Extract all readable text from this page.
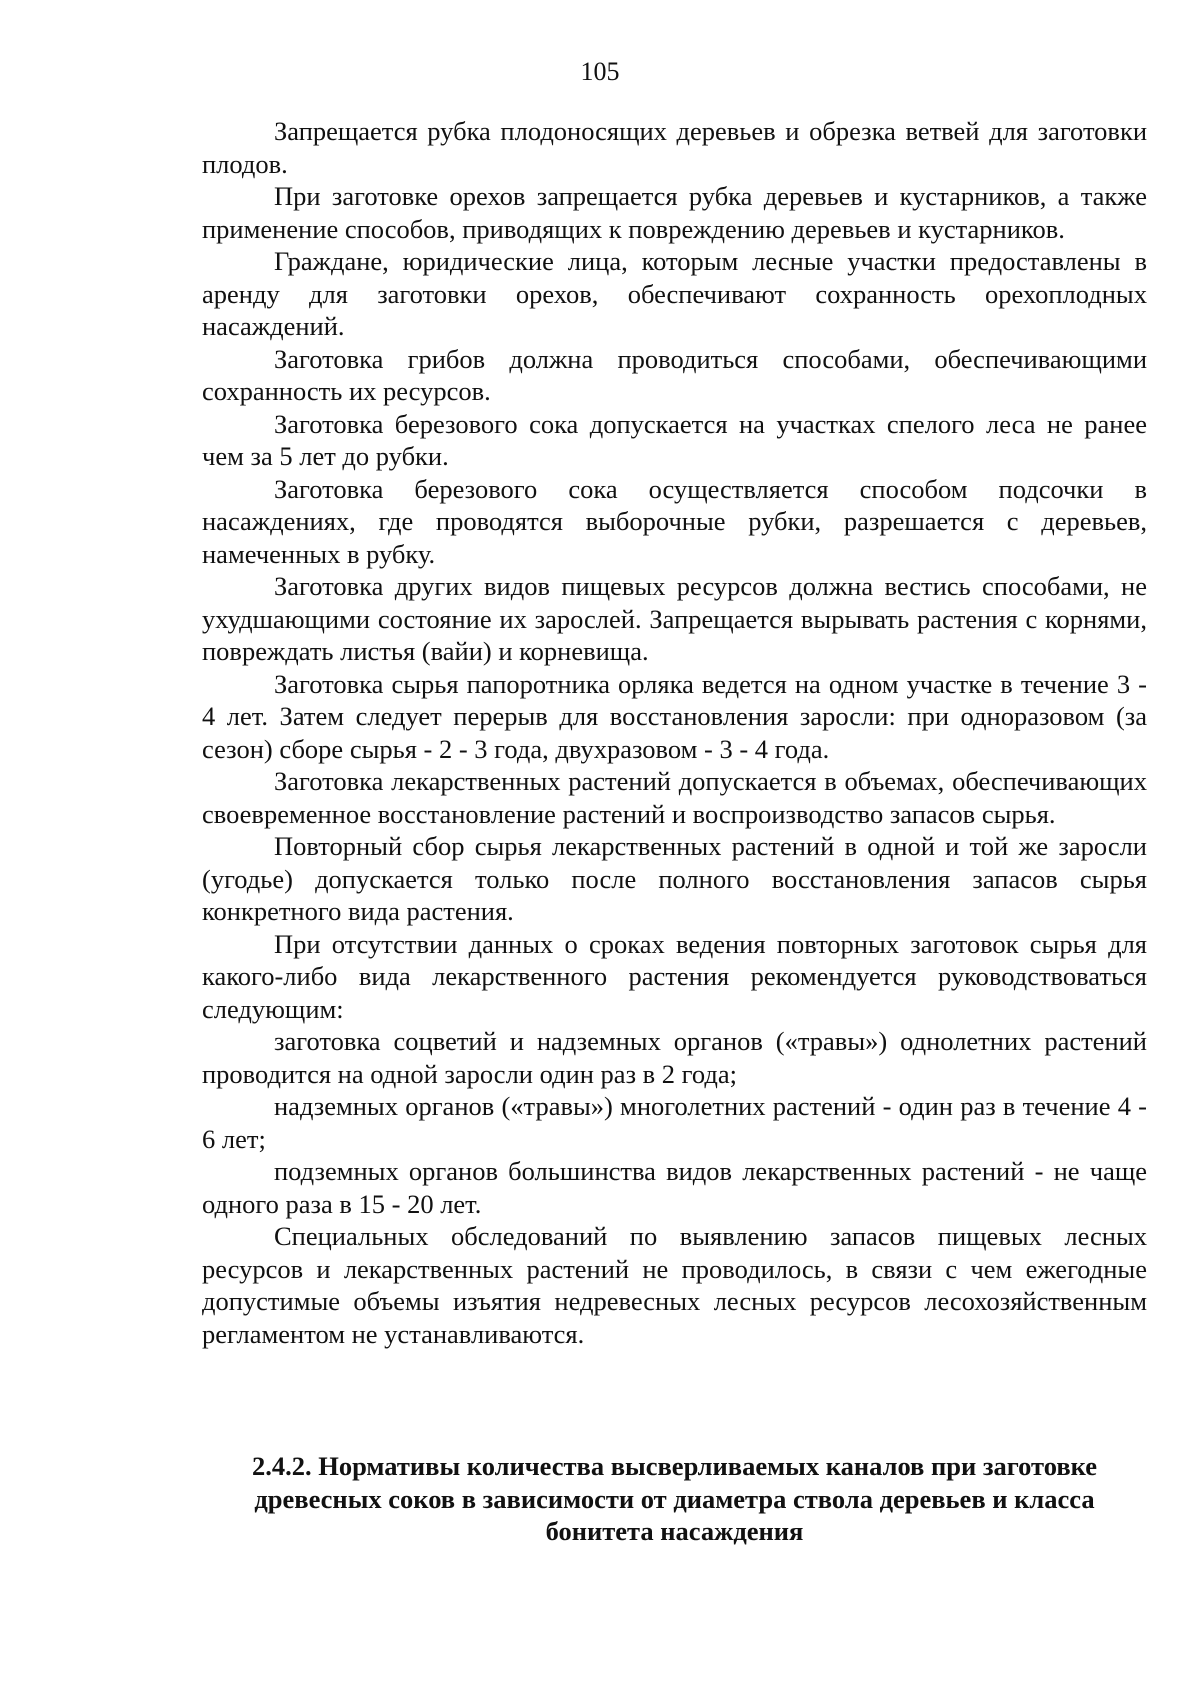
105

Запрещается рубка плодоносящих деревьев и обрезка ветвей для заготовки плодов.

При заготовке орехов запрещается рубка деревьев и кустарников, а также применение способов, приводящих к повреждению деревьев и кустарников.

Граждане, юридические лица, которым лесные участки предоставлены в аренду для заготовки орехов, обеспечивают сохранность орехоплодных насаждений.

Заготовка грибов должна проводиться способами, обеспечивающими сохранность их ресурсов.

Заготовка березового сока допускается на участках спелого леса не ранее чем за 5 лет до рубки.

Заготовка березового сока осуществляется способом подсочки в насаждениях, где проводятся выборочные рубки, разрешается с деревьев, намеченных в рубку.

Заготовка других видов пищевых ресурсов должна вестись способами, не ухудшающими состояние их зарослей. Запрещается вырывать растения с корнями, повреждать листья (вайи) и корневища.

Заготовка сырья папоротника орляка ведется на одном участке в течение 3 - 4 лет. Затем следует перерыв для восстановления заросли: при одноразовом (за сезон) сборе сырья - 2 - 3 года, двухразовом - 3 - 4 года.

Заготовка лекарственных растений допускается в объемах, обеспечивающих своевременное восстановление растений и воспроизводство запасов сырья.

Повторный сбор сырья лекарственных растений в одной и той же заросли (угодье) допускается только после полного восстановления запасов сырья конкретного вида растения.

При отсутствии данных о сроках ведения повторных заготовок сырья для какого-либо вида лекарственного растения рекомендуется руководствоваться следующим:

заготовка соцветий и надземных органов («травы») однолетних растений проводится на одной заросли один раз в 2 года;

надземных органов («травы») многолетних растений - один раз в течение 4 - 6 лет;

подземных органов большинства видов лекарственных растений - не чаще одного раза в 15 - 20 лет.

Специальных обследований по выявлению запасов пищевых лесных ресурсов и лекарственных растений не проводилось, в связи с чем ежегодные допустимые объемы изъятия недревесных лесных ресурсов лесохозяйственным регламентом не устанавливаются.

2.4.2. Нормативы количества высверливаемых каналов при заготовке древесных соков в зависимости от диаметра ствола деревьев и класса бонитета насаждения
